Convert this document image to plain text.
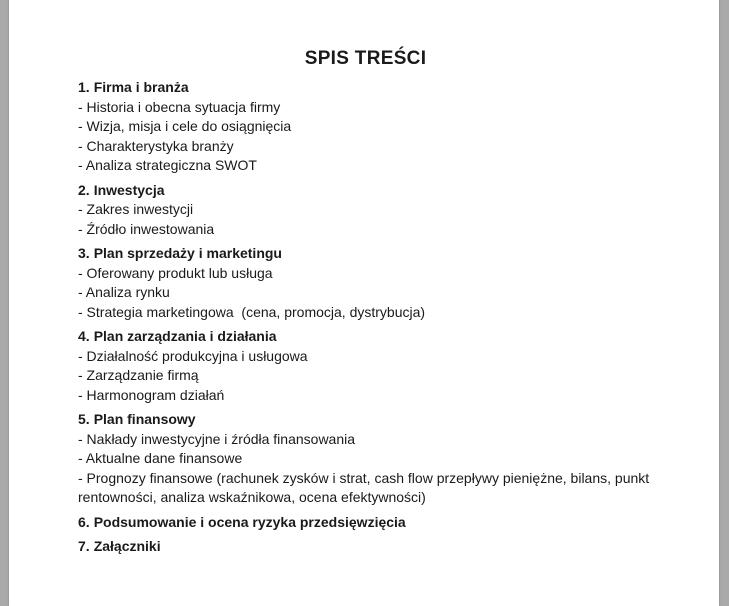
SPIS TREŚCI
1. Firma i branża
- Historia i obecna sytuacja firmy
- Wizja, misja i cele do osiągnięcia
- Charakterystyka branży
- Analiza strategiczna SWOT
2. Inwestycja
- Zakres inwestycji
- Źródło inwestowania
3. Plan sprzedaży i marketingu
- Oferowany produkt lub usługa
- Analiza rynku
- Strategia marketingowa  (cena, promocja, dystrybucja)
4. Plan zarządzania i działania
- Działalność produkcyjna i usługowa
- Zarządzanie firmą
- Harmonogram działań
5. Plan finansowy
- Nakłady inwestycyjne i źródła finansowania
- Aktualne dane finansowe
- Prognozy finansowe (rachunek zysków i strat, cash flow przepływy pieniężne, bilans, punkt rentowności, analiza wskaźnikowa, ocena efektywności)
6. Podsumowanie i ocena ryzyka przedsięwzięcia
7. Załączniki
